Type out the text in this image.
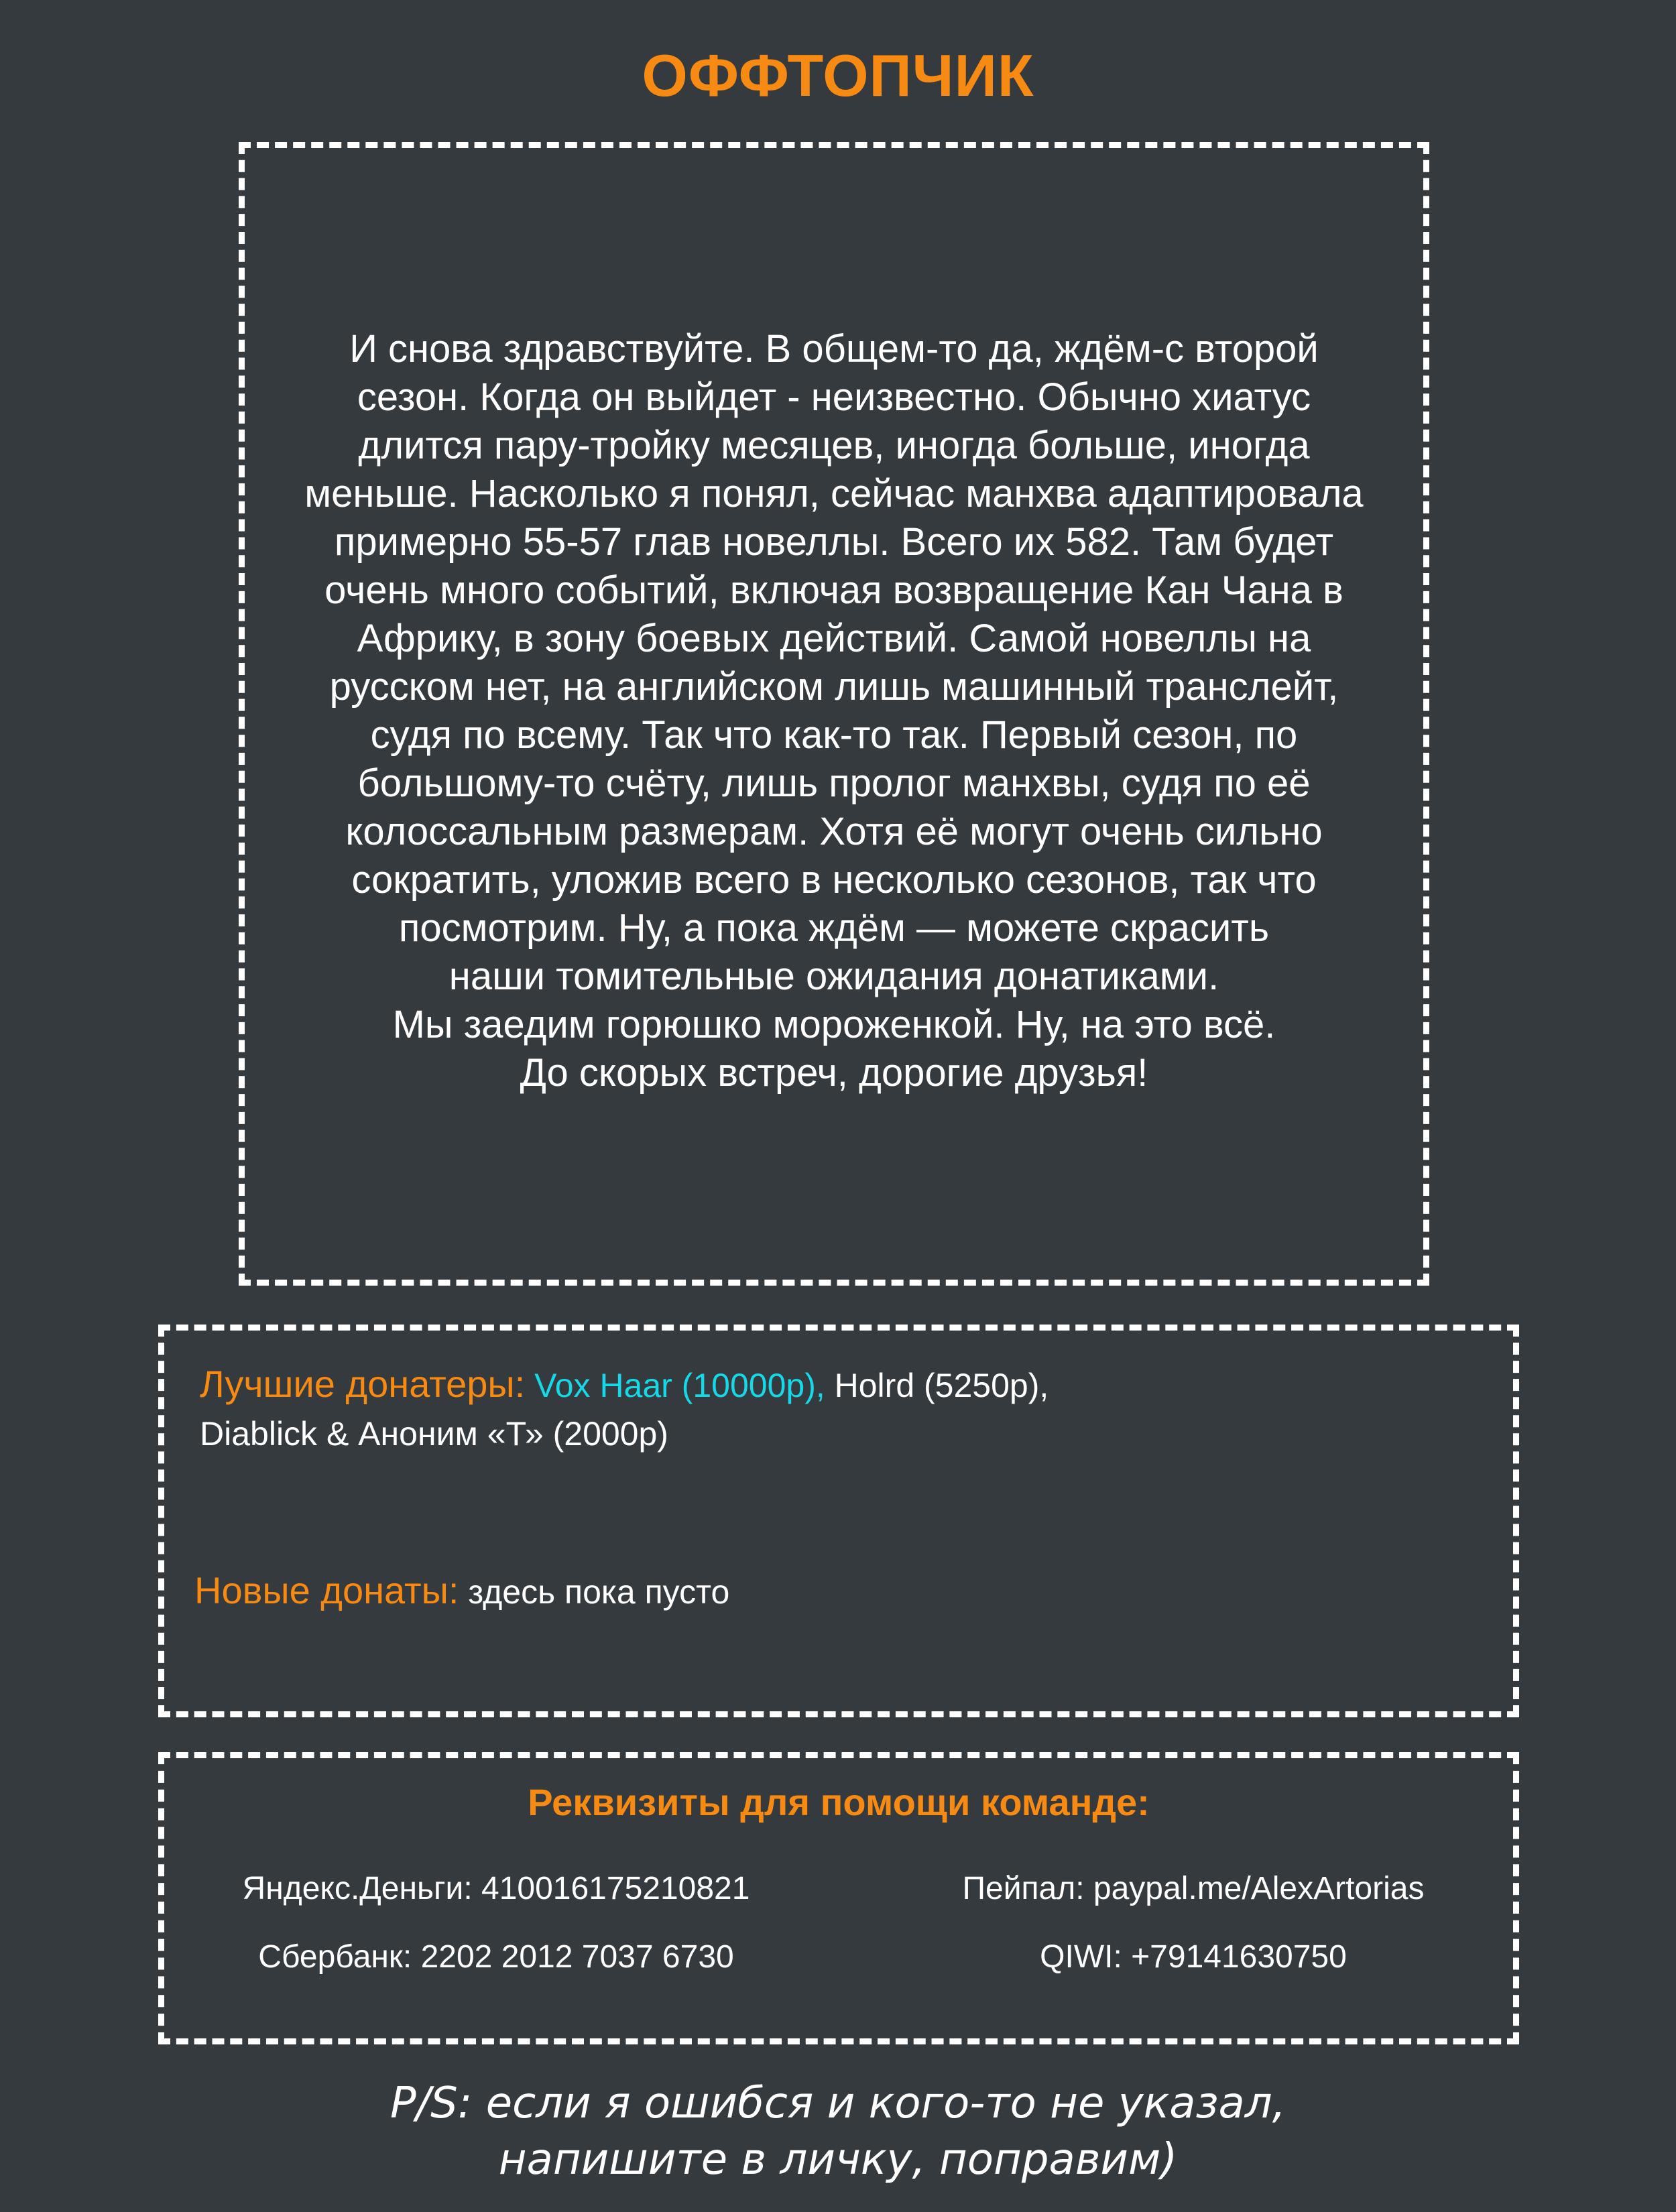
ОФФТОПЧИК
И снова здравствуйте. В общем-то да, ждём-с второй
сезон. Когда он выйдет - неизвестно. Обычно хиатус
длится пару-тройку месяцев, иногда больше, иногда
меньше. Насколько я понял, сейчас манхва адаптировала
примерно 55-57 глав новеллы. Всего их 582. Там будет
очень много событий, включая возвращение Кан Чана в
Африку, в зону боевых действий. Самой новеллы на
русском нет, на английском лишь машинный транслейт,
судя по всему. Так что как-то так. Первый сезон, по
большому-то счёту, лишь пролог манхвы, судя по её
колоссальным размерам. Хотя её могут очень сильно
сократить, уложив всего в несколько сезонов, так что
посмотрим. Ну, а пока ждём — можете скрасить
наши томительные ожидания донатиками.
Мы заедим горюшко мороженкой. Ну, на это всё.
До скорых встреч, дорогие друзья!
Лучшие донатеры: Vox Haar (10000р), Holrd (5250р),
Diablick & Аноним «Т» (2000р)
Новые донаты: здесь пока пусто
Реквизиты для помощи команде:
Яндекс.Деньги: 410016175210821	Пейпал: paypal.me/AlexArtorias
Сбербанк: 2202 2012 7037 6730	QIWI: +79141630750
P/S: если я ошибся и кого-то не указал,
напишите в личку, поправим)
